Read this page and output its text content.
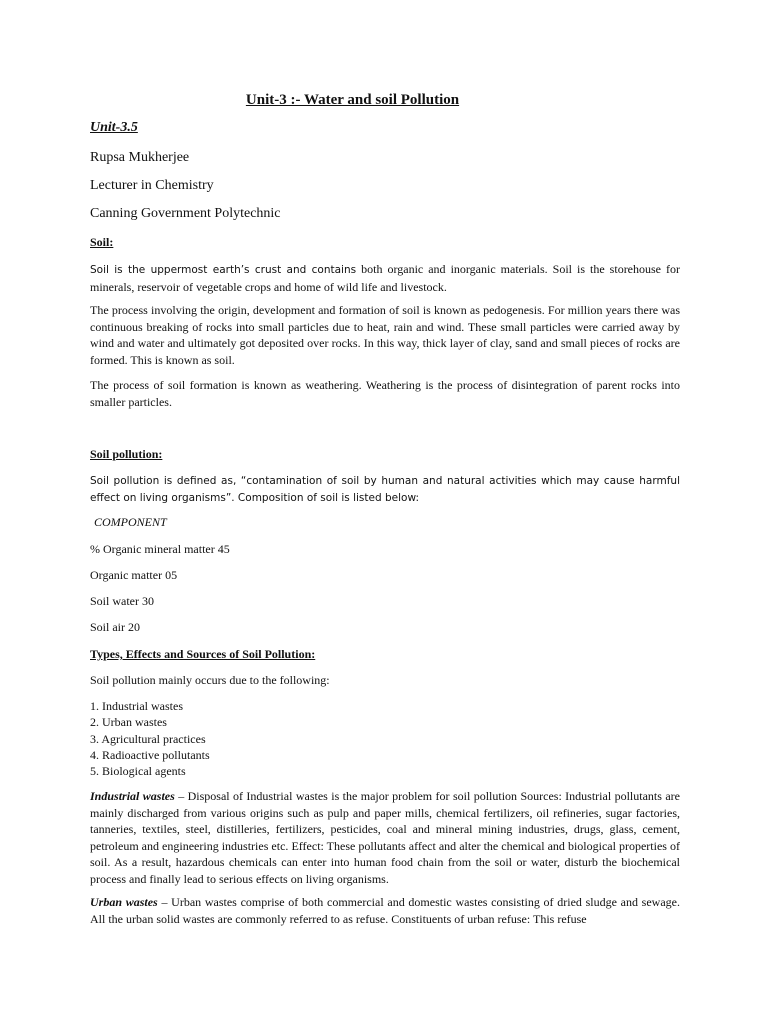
Unit-3 :- Water and soil Pollution
Unit-3.5
Rupsa Mukherjee
Lecturer in Chemistry
Canning Government Polytechnic
Soil:

Soil is the uppermost earth’s crust and contains both organic and inorganic materials. Soil is the storehouse for minerals, reservoir of vegetable crops and home of wild life and livestock.

The process involving the origin, development and formation of soil is known as pedogenesis. For million years there was continuous breaking of rocks into small particles due to heat, rain and wind. These small particles were carried away by wind and water and ultimately got deposited over rocks. In this way, thick layer of clay, sand and small pieces of rocks are formed. This is known as soil.

The process of soil formation is known as weathering. Weathering is the process of disintegration of parent rocks into smaller particles.

Soil pollution:

Soil pollution is defined as, “contamination of soil by human and natural activities which may cause harmful effect on living organisms”. Composition of soil is listed below:

COMPONENT
% Organic mineral matter 45
Organic matter 05
Soil water 30
Soil air 20
Types, Effects and Sources of Soil Pollution:
Soil pollution mainly occurs due to the following:
1. Industrial wastes
2. Urban wastes
3. Agricultural practices
4. Radioactive pollutants
5. Biological agents

Industrial wastes – Disposal of Industrial wastes is the major problem for soil pollution Sources: Industrial pollutants are mainly discharged from various origins such as pulp and paper mills, chemical fertilizers, oil refineries, sugar factories, tanneries, textiles, steel, distilleries, fertilizers, pesticides, coal and mineral mining industries, drugs, glass, cement, petroleum and engineering industries etc. Effect: These pollutants affect and alter the chemical and biological properties of soil. As a result, hazardous chemicals can enter into human food chain from the soil or water, disturb the biochemical process and finally lead to serious effects on living organisms.

Urban wastes – Urban wastes comprise of both commercial and domestic wastes consisting of dried sludge and sewage. All the urban solid wastes are commonly referred to as refuse. Constituents of urban refuse: This refuse
